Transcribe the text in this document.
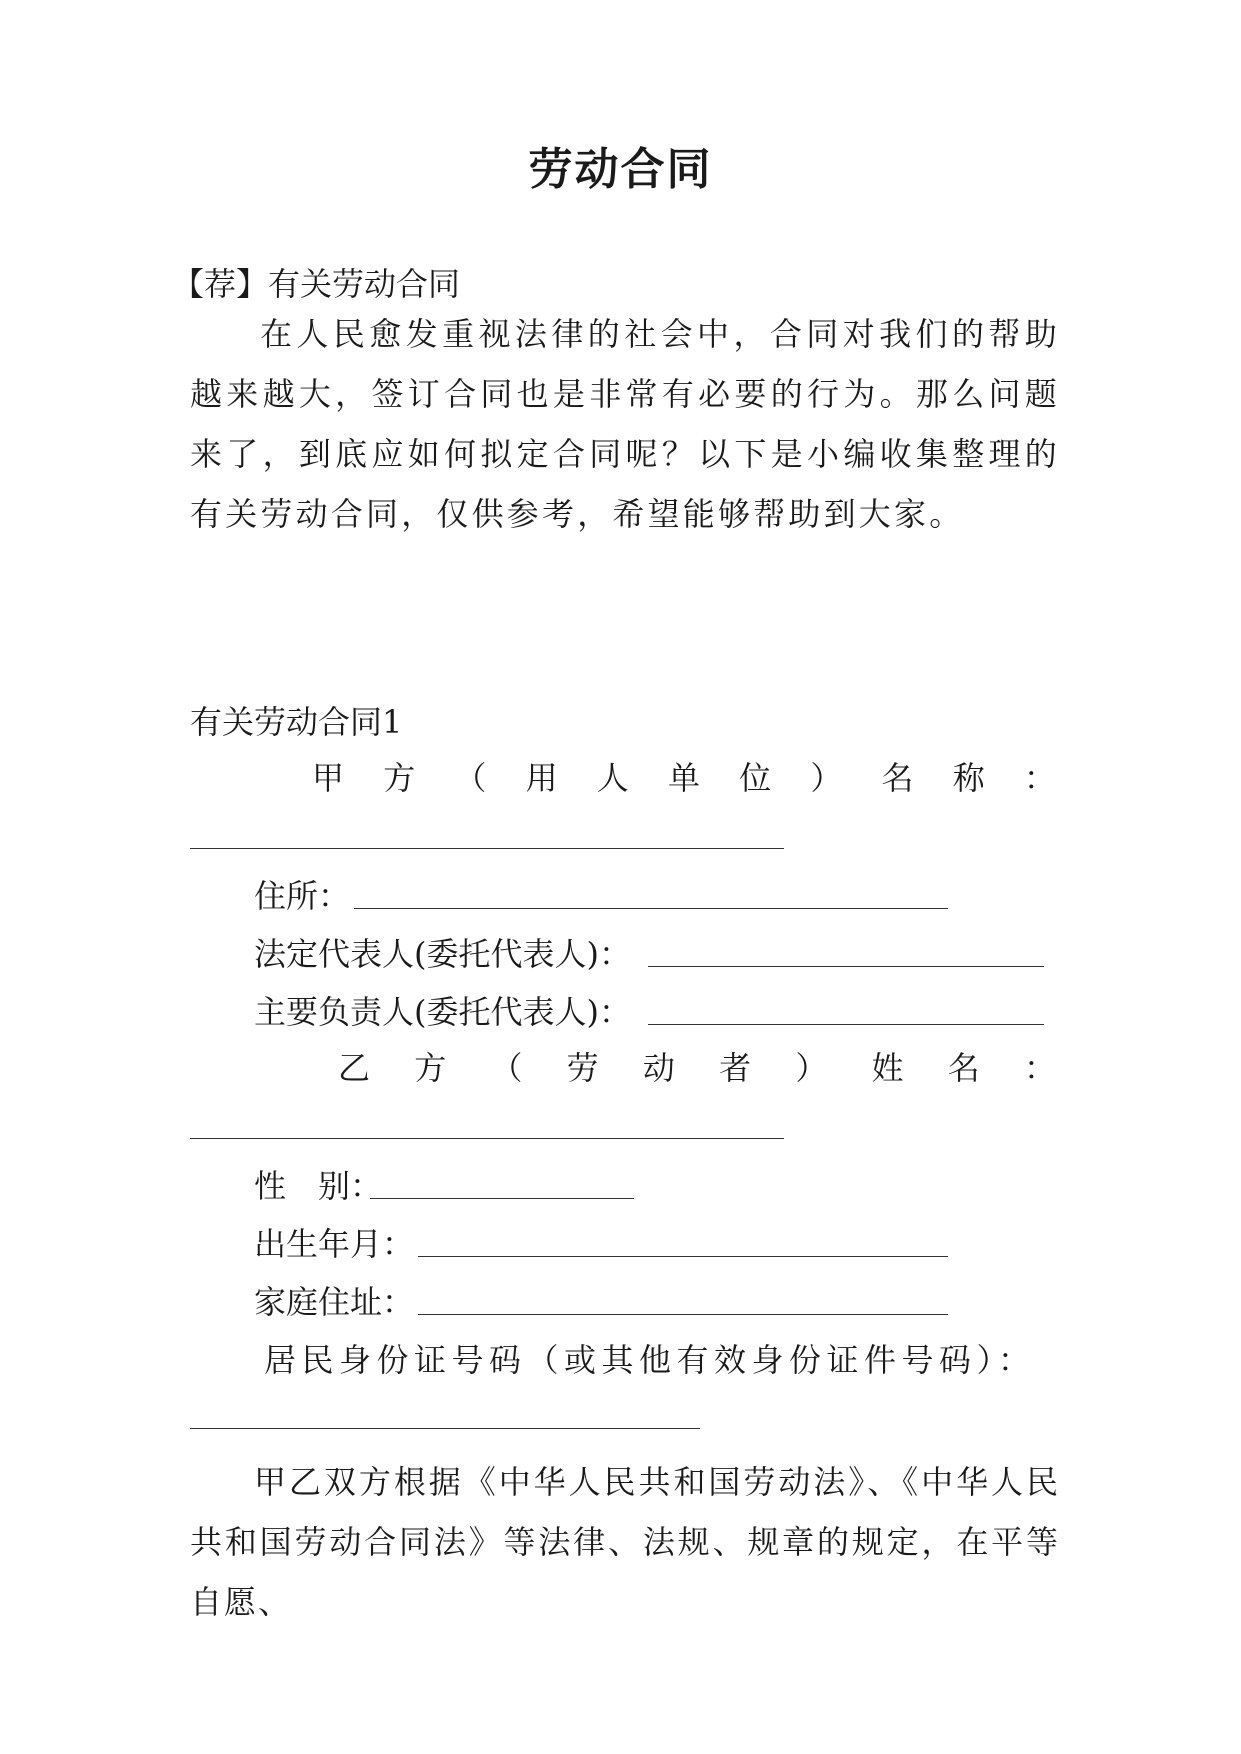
劳动合同
【荐】有关劳动合同

在人民愈发重视法律的社会中，合同对我们的帮助越来越大，签订合同也是非常有必要的行为。那么问题来了，到底应如何拟定合同呢？以下是小编收集整理的有关劳动合同，仅供参考，希望能够帮助到大家。

有关劳动合同1
甲 方 （ 用 人 单 位 ） 名 称 ：
住所：
法定代表人(委托代表人)：
主要负责人(委托代表人)：
乙 方 （ 劳 动 者 ） 姓 名 ：
性　别：
出生年月：
家庭住址：
居民身份证号码（或其他有效身份证件号码）：

甲乙双方根据《中华人民共和国劳动法》、《中华人民共和国劳动合同法》等法律、法规、规章的规定，在平等自愿、
